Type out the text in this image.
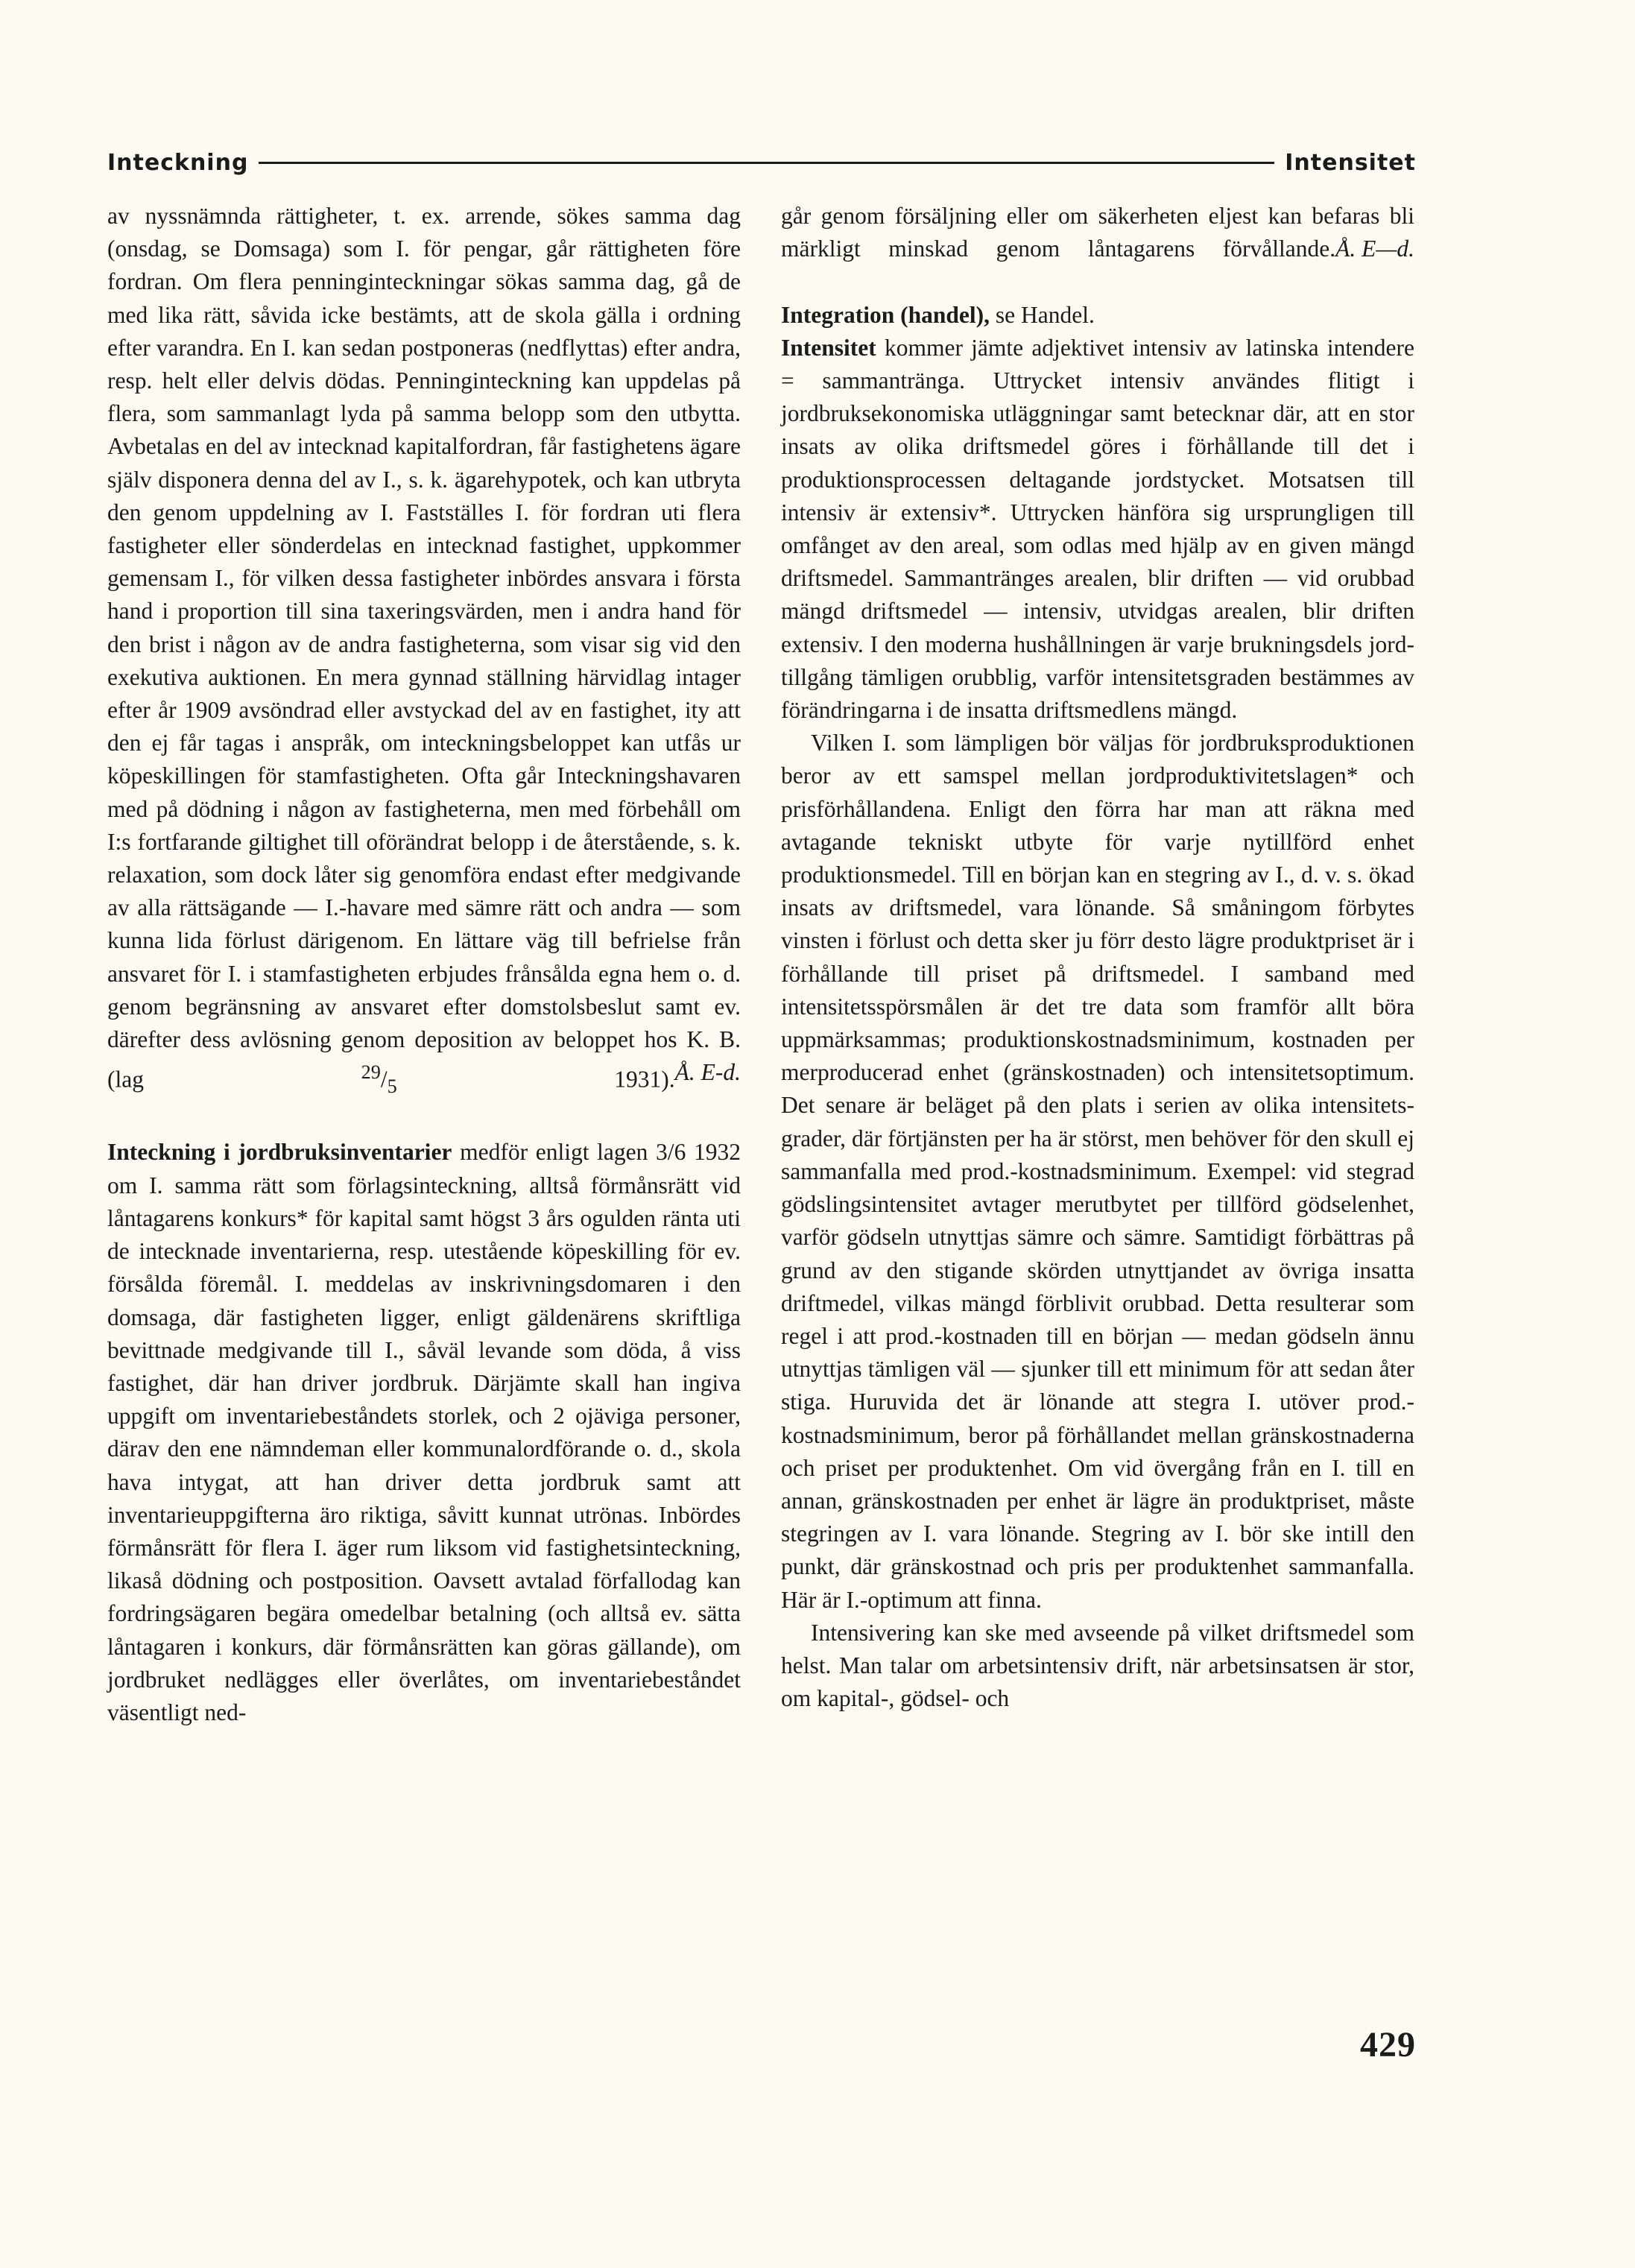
Inteckning	Intensitet

av nyssnämnda rättigheter, t. ex. arrende, sökes samma dag (onsdag, se Domsaga) som I. för pengar, går rättigheten före fordran. Om flera penninginteckningar sökas samma dag, gå de med lika rätt, såvida icke bestämts, att de skola gälla i ordning efter varandra. En I. kan sedan postponeras (nedflyttas) efter andra, resp. helt eller delvis dödas. Penninginteckning kan uppdelas på flera, som sammanlagt lyda på samma belopp som den utbytta. Avbetalas en del av intecknad kapitalfordran, får fastighetens ägare själv disponera denna del av I., s. k. ägarehypotek, och kan utbryta den genom uppdelning av I. Fastställes I. för fordran uti flera fastigheter eller sönderdelas en intecknad fastighet, uppkommer gemensam I., för vilken dessa fastigheter inbördes ansvara i första hand i proportion till sina taxeringsvärden, men i andra hand för den brist i någon av de andra fastigheterna, som visar sig vid den exekutiva auktionen. En mera gynnad ställning härvidlag intager efter år 1909 avsöndrad eller avstyckad del av en fastighet, ity att den ej får tagas i anspråk, om inteckningsbeloppet kan utfås ur köpeskillingen för stamfastigheten. Ofta går Inteckningshavaren med på dödning i någon av fastigheterna, men med förbehåll om I:s fortfarande giltighet till oförändrat belopp i de återstående, s. k. relaxation, som dock låter sig genomföra endast efter medgivande av alla rättsägande — I.-havare med sämre rätt och andra — som kunna lida förlust därigenom. En lättare väg till befrielse från ansvaret för I. i stamfastigheten erbjudes frånsålda egna hem o. d. genom begränsning av ansvaret efter domstolsbeslut samt ev. därefter dess avlösning genom deposition av beloppet hos K. B. (lag	$^{29}/_5$	1931). Å. E-d.

Inteckning i jordbruksinventarier medför enligt lagen 3/6 1932 om I. samma rätt som förlagsinteckning, alltså förmånsrätt vid låntagarens konkurs* för kapital samt högst 3 års ogulden ränta uti de intecknade inventarierna, resp. utestående köpeskilling för ev. försålda föremål. I. meddelas av inskrivningsdomaren i den domsaga, där fastigheten ligger, enligt gäldenärens skriftliga bevittnade medgivande till I., såväl levande som döda, å viss fastighet, där han driver jordbruk. Därjämte skall han ingiva uppgift om inventariebeståndets storlek, och 2 ojäviga personer, därav den ene nämndeman eller kommunalordförande o. d., skola hava intygat, att han driver detta jordbruk samt att inventarieuppgifterna äro riktiga, såvitt kunnat utrönas. Inbördes förmånsrätt för flera I. äger rum liksom vid fastighetsinteckning, likaså dödning och postposition. Oavsett avtalad förfallodag kan fordringsägaren begära omedelbar betalning (och alltså ev. sätta låntagaren i konkurs, där förmånsrätten kan göras gällande), om jordbruket nedlägges eller överlåtes, om inventariebeståndet väsentligt ned-

går genom försäljning eller om säkerheten eljest kan befaras bli märkligt minskad genom låntagarens förvållande. Å. E—d.

Integration (handel), se Handel.

Intensitet kommer jämte adjektivet intensiv av latinska intendere = sammantränga. Uttrycket intensiv användes flitigt i jordbruksekonomiska utläggningar samt betecknar där, att en stor insats av olika driftsmedel göres i förhållande till det i produktionsprocessen deltagande jordstycket. Motsatsen till intensiv är extensiv*. Uttrycken hänföra sig ursprungligen till omfånget av den areal, som odlas med hjälp av en given mängd driftsmedel. Sammantränges arealen, blir driften — vid orubbad mängd driftsmedel — intensiv, utvidgas arealen, blir driften extensiv. I den moderna hushållningen är varje brukningsdels jordtillgång tämligen orubblig, varför intensitetsgraden bestämmes av förändringarna i de insatta driftsmedlens mängd.

Vilken I. som lämpligen bör väljas för jordbruksproduktionen beror av ett samspel mellan jordproduktivitetslagen* och prisförhållandena. Enligt den förra har man att räkna med avtagande tekniskt utbyte för varje nytillförd enhet produktionsmedel. Till en början kan en stegring av I., d. v. s. ökad insats av driftsmedel, vara lönande. Så småningom förbytes vinsten i förlust och detta sker ju förr desto lägre produktpriset är i förhållande till priset på driftsmedel. I samband med intensitetsspörsmålen är det tre data som framför allt böra uppmärksammas; produktionskostnadsminimum, kostnaden per merproducerad enhet (gränskostnaden) och intensitetsoptimum. Det senare är beläget på den plats i serien av olika intensitetsgrader, där förtjänsten per ha är störst, men behöver för den skull ej sammanfalla med prod.-kostnadsminimum. Exempel: vid stegrad gödslingsintensitet avtager merutbytet per tillförd gödselenhet, varför gödseln utnyttjas sämre och sämre. Samtidigt förbättras på grund av den stigande skörden utnyttjandet av övriga insatta driftmedel, vilkas mängd förblivit orubbad. Detta resulterar som regel i att prod.-kostnaden till en början — medan gödseln ännu utnyttjas tämligen väl — sjunker till ett minimum för att sedan åter stiga. Huruvida det är lönande att stegra I. utöver prod.-kostnadsminimum, beror på förhållandet mellan gränskostnaderna och priset per produktenhet. Om vid övergång från en I. till en annan, gränskostnaden per enhet är lägre än produktpriset, måste stegringen av I. vara lönande. Stegring av I. bör ske intill den punkt, där gränskostnad och pris per produktenhet sammanfalla. Här är I.-optimum att finna.

Intensivering kan ske med avseende på vilket driftsmedel som helst. Man talar om arbetsintensiv drift, när arbetsinsatsen är stor, om kapital-, gödsel- och

429
